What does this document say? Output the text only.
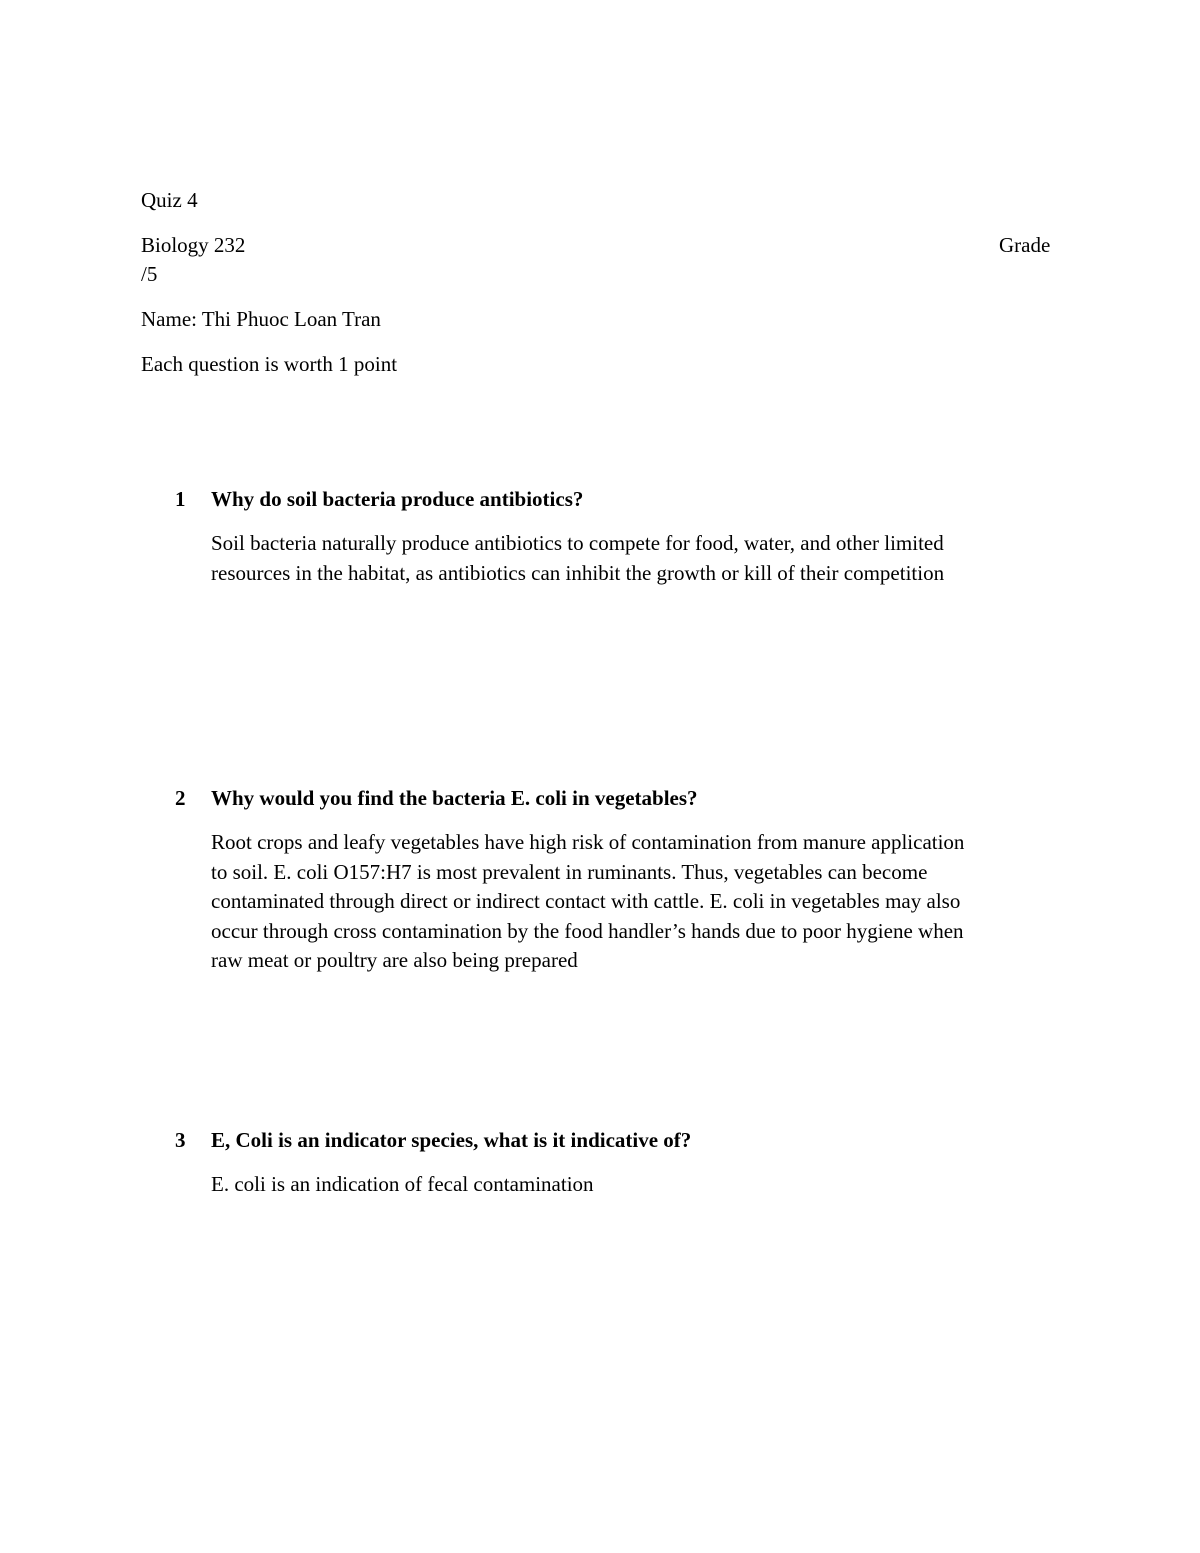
Quiz 4
Biology 232	Grade
/5
Name: Thi Phuoc Loan Tran
Each question is worth 1 point
1 Why do soil bacteria produce antibiotics?
Soil bacteria naturally produce antibiotics to compete for food, water, and other limited
resources in the habitat, as antibiotics can inhibit the growth or kill of their competition
2 Why would you find the bacteria E. coli in vegetables?
Root crops and leafy vegetables have high risk of contamination from manure application
to soil. E. coli O157:H7 is most prevalent in ruminants. Thus, vegetables can become
contaminated through direct or indirect contact with cattle. E. coli in vegetables may also
occur through cross contamination by the food handler’s hands due to poor hygiene when
raw meat or poultry are also being prepared
3 E, Coli is an indicator species, what is it indicative of?
E. coli is an indication of fecal contamination
